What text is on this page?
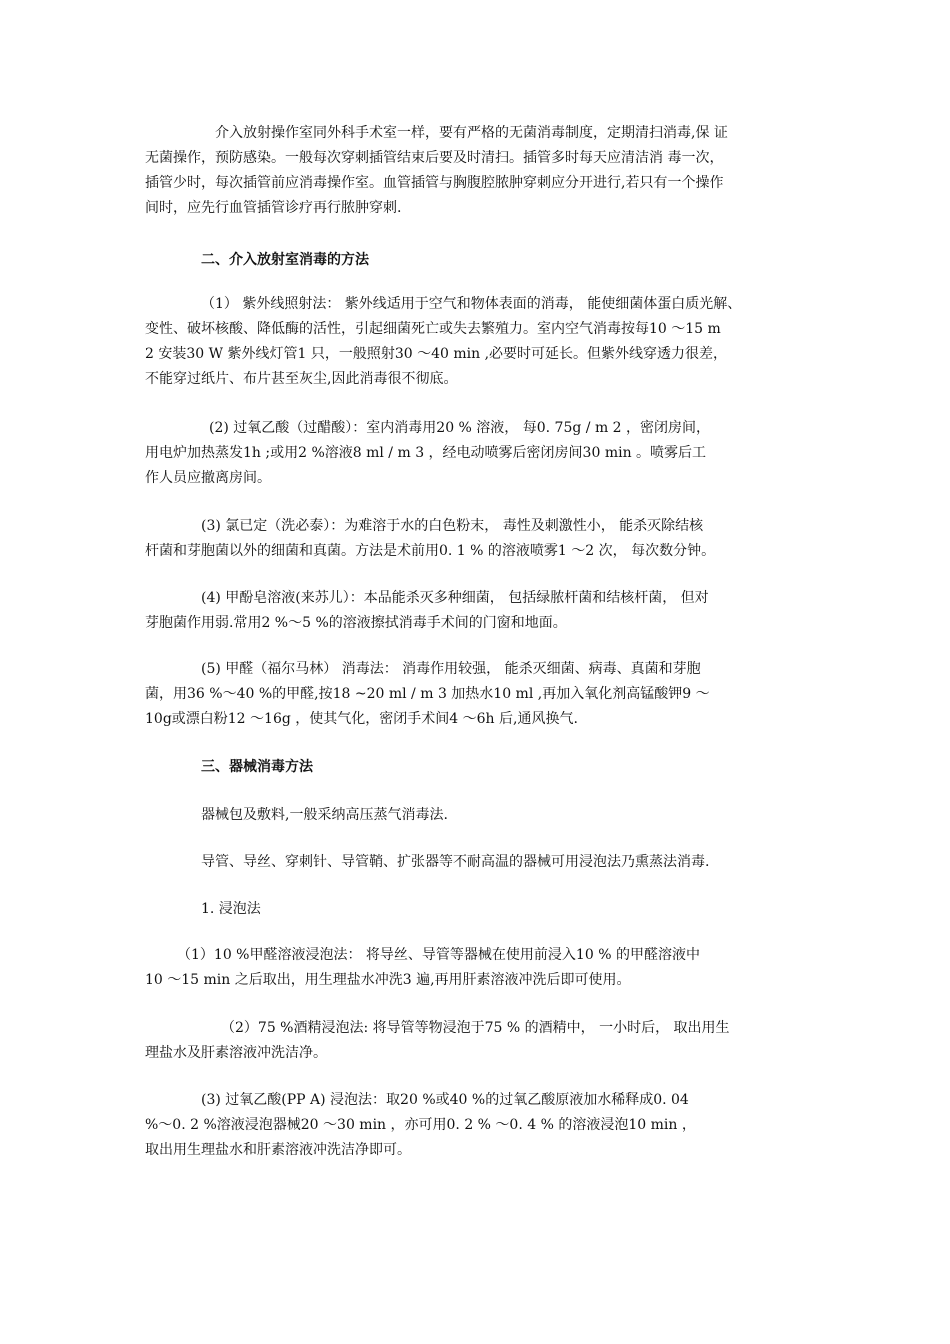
介入放射操作室同外科手术室一样，要有严格的无菌消毒制度，定期清扫消毒,保 证
无菌操作，预防感染。一般每次穿刺插管结束后要及时清扫。插管多时每天应清洁消 毒一次，
插管少时，每次插管前应消毒操作室。血管插管与胸腹腔脓肿穿刺应分开进行,若只有一个操作
间时，应先行血管插管诊疗再行脓肿穿刺.
二、介入放射室消毒的方法
（1） 紫外线照射法： 紫外线适用于空气和物体表面的消毒， 能使细菌体蛋白质光解、
变性、破坏核酸、降低酶的活性，引起细菌死亡或失去繁殖力。室内空气消毒按每10 ～15 m
2 安装30 W 紫外线灯管1 只，一般照射30 ～40 min ,必要时可延长。但紫外线穿透力很差，
不能穿过纸片、布片甚至灰尘,因此消毒很不彻底。
(2) 过氧乙酸（过醋酸）：室内消毒用20 % 溶液， 每0. 75g / m 2 ，密闭房间，
用电炉加热蒸发1h ;或用2 %溶液8 ml / m 3 ，经电动喷雾后密闭房间30 min 。喷雾后工
作人员应撤离房间。
(3) 氯已定（洗必泰）：为难溶于水的白色粉末， 毒性及刺激性小， 能杀灭除结核
杆菌和芽胞菌以外的细菌和真菌。方法是术前用0. 1 % 的溶液喷雾1 ～2 次， 每次数分钟。
(4) 甲酚皂溶液(来苏儿）：本品能杀灭多种细菌， 包括绿脓杆菌和结核杆菌， 但对
芽胞菌作用弱.常用2 %～5 %的溶液擦拭消毒手术间的门窗和地面。
(5) 甲醛（福尔马林） 消毒法： 消毒作用较强， 能杀灭细菌、病毒、真菌和芽胞
菌，用36 %～40 %的甲醛,按18 ~20 ml / m 3 加热水10 ml ,再加入氧化剂高锰酸钾9 ～
10g或漂白粉12 ～16g ，使其气化，密闭手术间4 ～6h 后,通风换气.
三、器械消毒方法
器械包及敷料,一般采纳高压蒸气消毒法.
导管、导丝、穿刺针、导管鞘、扩张器等不耐高温的器械可用浸泡法乃熏蒸法消毒.
1. 浸泡法
（1）10 %甲醛溶液浸泡法： 将导丝、导管等器械在使用前浸入10 % 的甲醛溶液中
10 ～15 min 之后取出，用生理盐水冲洗3 遍,再用肝素溶液冲洗后即可使用。
（2）75 %酒精浸泡法: 将导管等物浸泡于75 % 的酒精中， 一小时后， 取出用生
理盐水及肝素溶液冲洗洁净。
(3) 过氧乙酸(PP A) 浸泡法：取20 %或40 %的过氧乙酸原液加水稀释成0. 04
%～0. 2 %溶液浸泡器械20 ～30 min ，亦可用0. 2 % ～0. 4 % 的溶液浸泡10 min ，
取出用生理盐水和肝素溶液冲洗洁净即可。
